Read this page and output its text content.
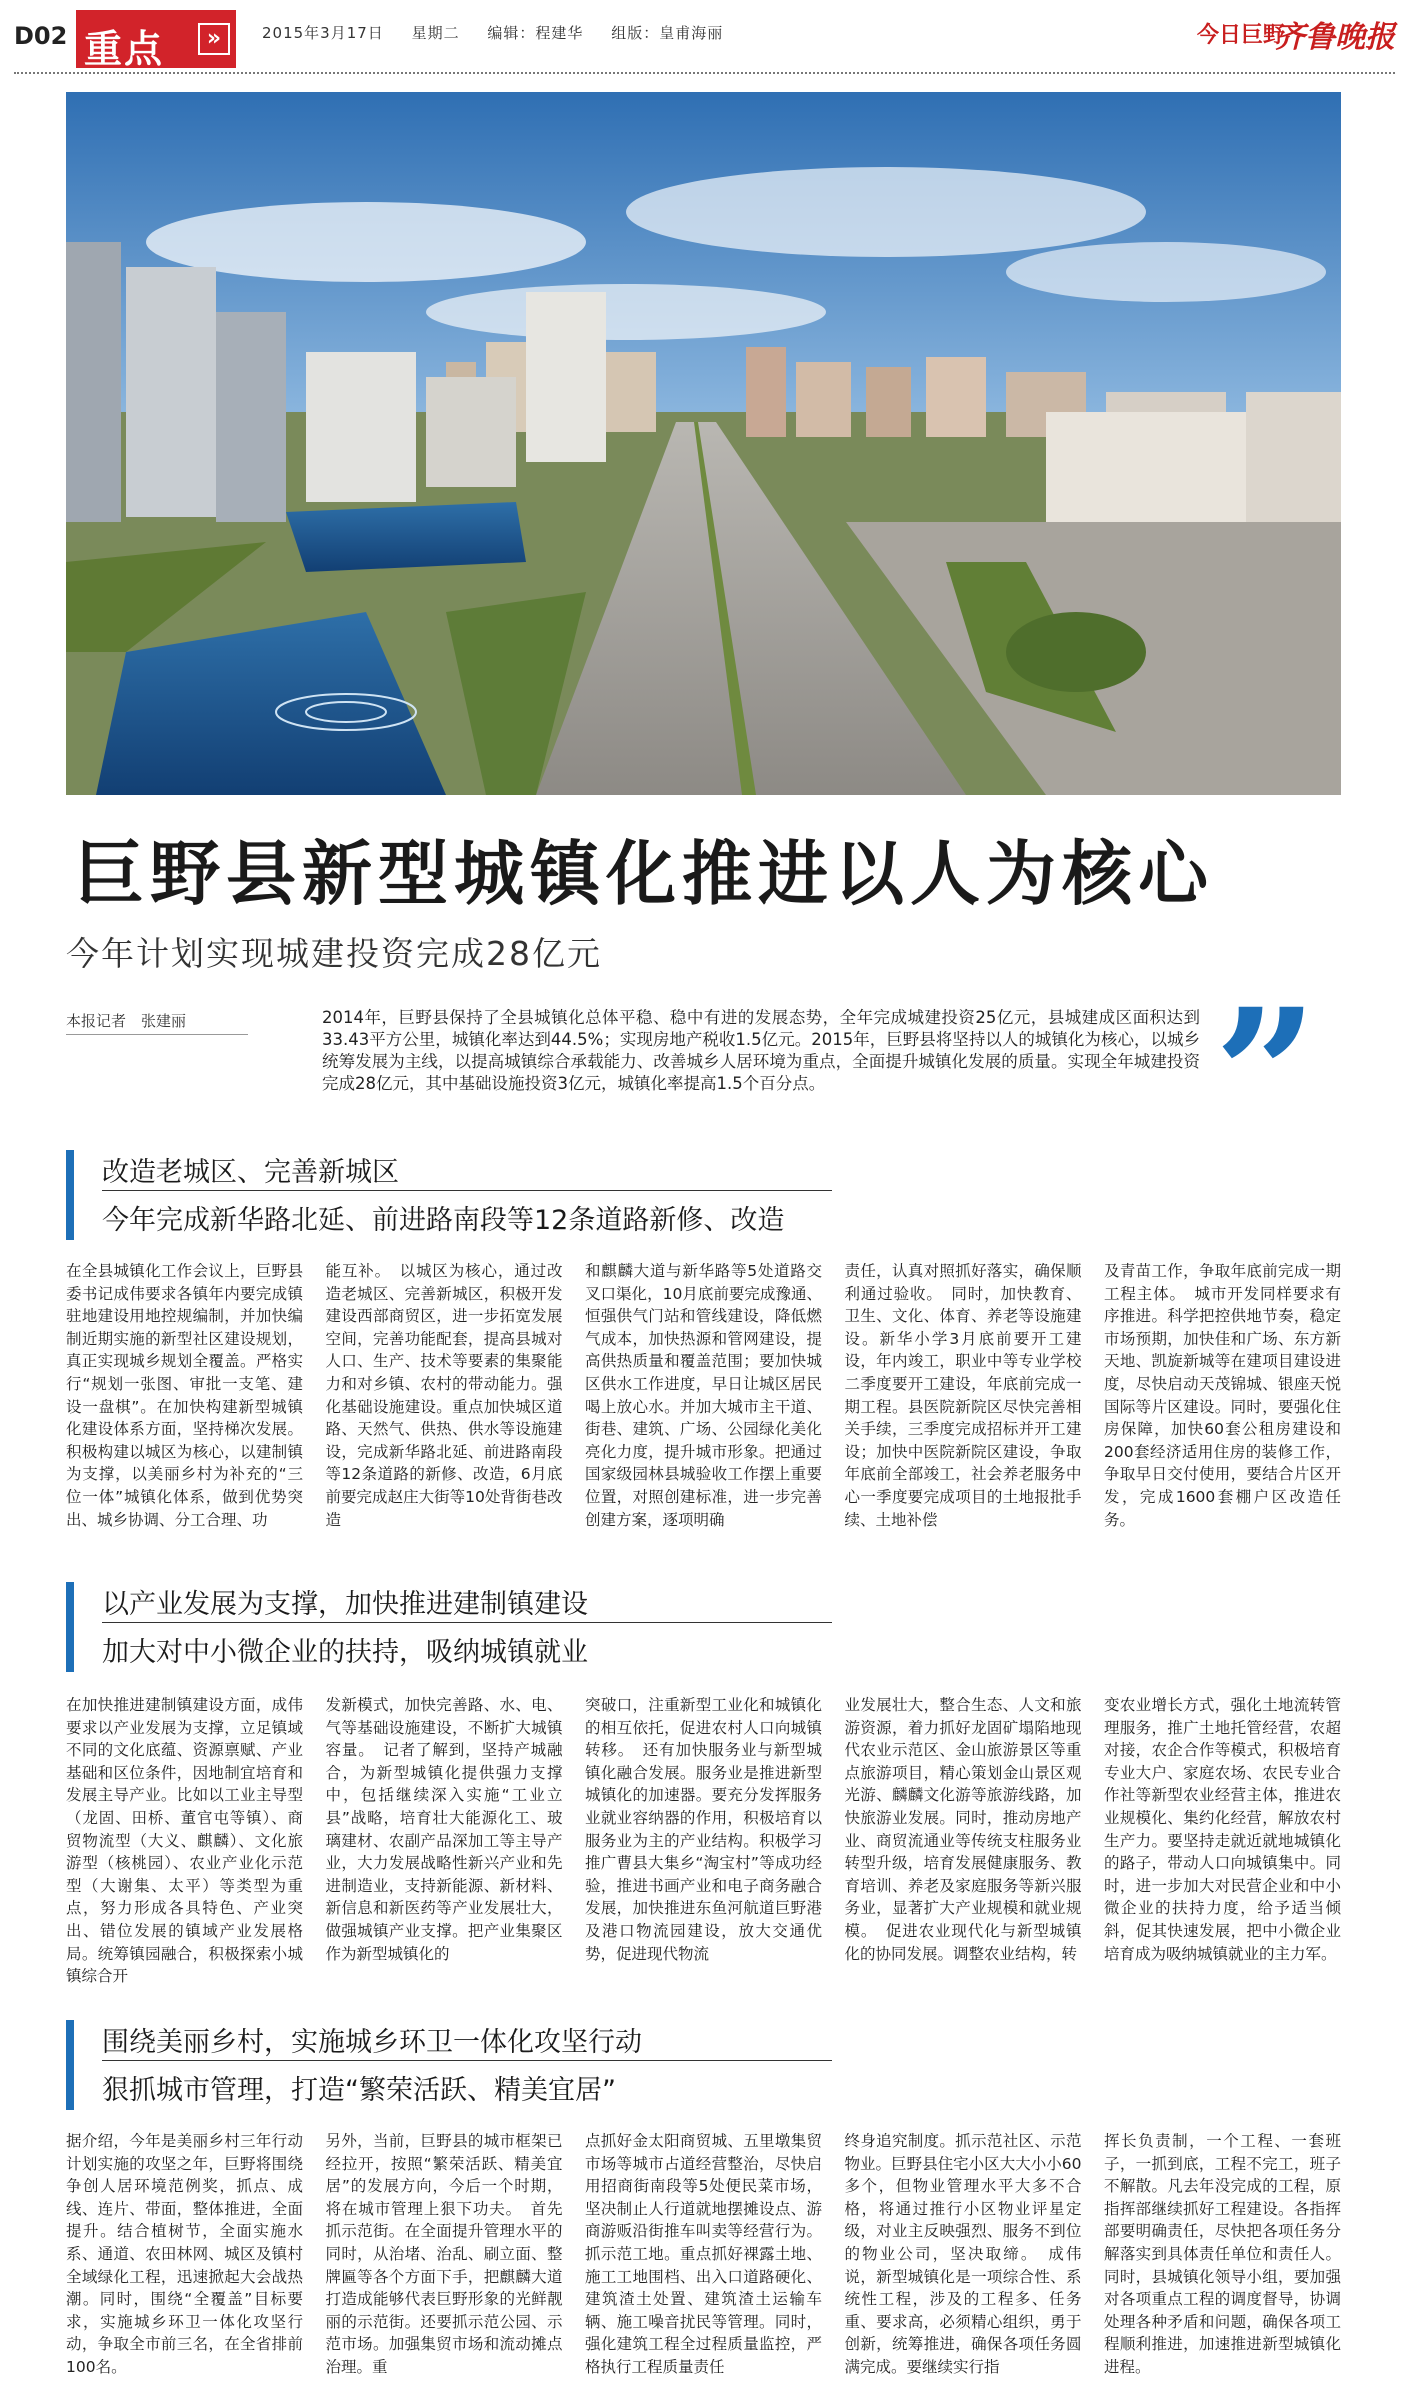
D02 重点	»	2015年3月17日 星期二 编辑：程建华 组版：皇甫海丽	今日巨野
齐鲁晚报
巨野县新型城镇化推进以人为核心
今年计划实现城建投资完成28亿元
本报记者　张建丽	2014年，巨野县保持了全县城镇化总体平稳、稳中有进的发展态势，全年完成城建投资25亿元，县城建成区面积达到33.43平方公里，城镇化率达到44.5%；实现房地产税收1.5亿元。2015年，巨野县将坚持以人的城镇化为核心，以城乡统筹发展为主线，以提高城镇综合承载能力、改善城乡人居环境为重点，全面提升城镇化发展的质量。实现全年城建投资完成28亿元，其中基础设施投资3亿元，城镇化率提高1.5个百分点。	”
改造老城区、完善新城区
今年完成新华路北延、前进路南段等12条道路新修、改造
在全县城镇化工作会议上，巨野县委书记成伟要求各镇年内要完成镇驻地建设用地控规编制，并加快编制近期实施的新型社区建设规划，真正实现城乡规划全覆盖。严格实行“规划一张图、审批一支笔、建设一盘棋”。在加快构建新型城镇化建设体系方面，坚持梯次发展。积极构建以城区为核心，以建制镇为支撑，以美丽乡村为补充的“三位一体”城镇化体系，做到优势突出、城乡协调、分工合理、功
能互补。　以城区为核心，通过改造老城区、完善新城区，积极开发建设西部商贸区，进一步拓宽发展空间，完善功能配套，提高县城对人口、生产、技术等要素的集聚能力和对乡镇、农村的带动能力。强化基础设施建设。重点加快城区道路、天然气、供热、供水等设施建设，完成新华路北延、前进路南段等12条道路的新修、改造，6月底前要完成赵庄大街等10处背街巷改造
和麒麟大道与新华路等5处道路交叉口渠化，10月底前要完成豫通、恒强供气门站和管线建设，降低燃气成本，加快热源和管网建设，提高供热质量和覆盖范围；要加快城区供水工作进度，早日让城区居民喝上放心水。并加大城市主干道、街巷、建筑、广场、公园绿化美化亮化力度，提升城市形象。把通过国家级园林县城验收工作摆上重要位置，对照创建标准，进一步完善创建方案，逐项明确
责任，认真对照抓好落实，确保顺利通过验收。　同时，加快教育、卫生、文化、体育、养老等设施建设。新华小学3月底前要开工建设，年内竣工，职业中等专业学校二季度要开工建设，年底前完成一期工程。县医院新院区尽快完善相关手续，三季度完成招标并开工建设；加快中医院新院区建设，争取年底前全部竣工，社会养老服务中心一季度要完成项目的土地报批手续、土地补偿
及青苗工作，争取年底前完成一期工程主体。　城市开发同样要求有序推进。科学把控供地节奏，稳定市场预期，加快佳和广场、东方新天地、凯旋新城等在建项目建设进度，尽快启动天茂锦城、银座天悦国际等片区建设。同时，要强化住房保障，加快60套公租房建设和200套经济适用住房的装修工作，争取早日交付使用，要结合片区开发，完成1600套棚户区改造任务。
以产业发展为支撑，加快推进建制镇建设
加大对中小微企业的扶持，吸纳城镇就业
在加快推进建制镇建设方面，成伟要求以产业发展为支撑，立足镇域不同的文化底蕴、资源禀赋、产业基础和区位条件，因地制宜培育和发展主导产业。比如以工业主导型（龙固、田桥、董官屯等镇）、商贸物流型（大义、麒麟）、文化旅游型（核桃园）、农业产业化示范型（大谢集、太平）等类型为重点，努力形成各具特色、产业突出、错位发展的镇域产业发展格局。统筹镇园融合，积极探索小城镇综合开
发新模式，加快完善路、水、电、气等基础设施建设，不断扩大城镇容量。　记者了解到，坚持产城融合，为新型城镇化提供强力支撑中，包括继续深入实施“工业立县”战略，培育壮大能源化工、玻璃建材、农副产品深加工等主导产业，大力发展战略性新兴产业和先进制造业，支持新能源、新材料、新信息和新医药等产业发展壮大，做强城镇产业支撑。把产业集聚区作为新型城镇化的
突破口，注重新型工业化和城镇化的相互依托，促进农村人口向城镇转移。　还有加快服务业与新型城镇化融合发展。服务业是推进新型城镇化的加速器。要充分发挥服务业就业容纳器的作用，积极培育以服务业为主的产业结构。积极学习推广曹县大集乡“淘宝村”等成功经验，推进书画产业和电子商务融合发展，加快推进东鱼河航道巨野港及港口物流园建设，放大交通优势，促进现代物流
业发展壮大，整合生态、人文和旅游资源，着力抓好龙固矿塌陷地现代农业示范区、金山旅游景区等重点旅游项目，精心策划金山景区观光游、麟麟文化游等旅游线路，加快旅游业发展。同时，推动房地产业、商贸流通业等传统支柱服务业转型升级，培育发展健康服务、教育培训、养老及家庭服务等新兴服务业，显著扩大产业规模和就业规模。　促进农业现代化与新型城镇化的协同发展。调整农业结构，转
变农业增长方式，强化土地流转管理服务，推广土地托管经营，农超对接，农企合作等模式，积极培育专业大户、家庭农场、农民专业合作社等新型农业经营主体，推进农业规模化、集约化经营，解放农村生产力。要坚持走就近就地城镇化的路子，带动人口向城镇集中。同时，进一步加大对民营企业和中小微企业的扶持力度，给予适当倾斜，促其快速发展，把中小微企业培育成为吸纳城镇就业的主力军。
围绕美丽乡村，实施城乡环卫一体化攻坚行动
狠抓城市管理，打造“繁荣活跃、精美宜居”
据介绍，今年是美丽乡村三年行动计划实施的攻坚之年，巨野将围绕争创人居环境范例奖，抓点、成线、连片、带面，整体推进，全面提升。结合植树节，全面实施水系、通道、农田林网、城区及镇村全域绿化工程，迅速掀起大会战热潮。同时，围绕“全覆盖”目标要求，实施城乡环卫一体化攻坚行动，争取全市前三名，在全省排前100名。
另外，当前，巨野县的城市框架已经拉开，按照“繁荣活跃、精美宜居”的发展方向，今后一个时期，将在城市管理上狠下功夫。　首先抓示范街。在全面提升管理水平的同时，从治堵、治乱、刷立面、整牌匾等各个方面下手，把麒麟大道打造成能够代表巨野形象的光鲜靓丽的示范街。还要抓示范公园、示范市场。加强集贸市场和流动摊点治理。重
点抓好金太阳商贸城、五里墩集贸市场等城市占道经营整治，尽快启用招商街南段等5处便民菜市场，坚决制止人行道就地摆摊设点、游商游贩沿街推车叫卖等经营行为。抓示范工地。重点抓好裸露土地、施工工地围档、出入口道路硬化、建筑渣土处置、建筑渣土运输车辆、施工噪音扰民等管理。同时，强化建筑工程全过程质量监控，严格执行工程质量责任
终身追究制度。抓示范社区、示范物业。巨野县住宅小区大大小小60多个，但物业管理水平大多不合格，将通过推行小区物业评星定级，对业主反映强烈、服务不到位的物业公司，坚决取缔。　成伟说，新型城镇化是一项综合性、系统性工程，涉及的工程多、任务重、要求高，必须精心组织，勇于创新，统筹推进，确保各项任务圆满完成。要继续实行指
挥长负责制，一个工程、一套班子，一抓到底，工程不完工，班子不解散。凡去年没完成的工程，原指挥部继续抓好工程建设。各指挥部要明确责任，尽快把各项任务分解落实到具体责任单位和责任人。同时，县城镇化领导小组，要加强对各项重点工程的调度督导，协调处理各种矛盾和问题，确保各项工程顺利推进，加速推进新型城镇化进程。
